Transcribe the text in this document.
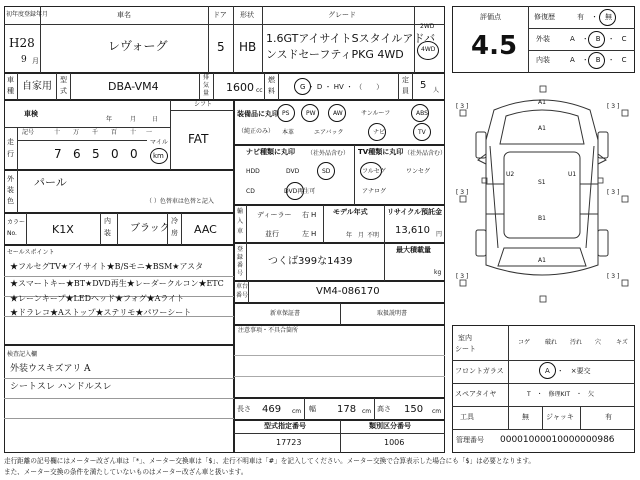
初年度登録年月	車名	ドア 形状	グレード
2WD
4WD
H28
9 月
レヴォーグ	5 HB
1.6GTアイサイトSスタイルアドバ
ンスドセーフティPKG 4WD
車
種 自家用
型
式	DBA-VM4
排
気
量 1600 cc
燃
料	G ・ D ・ HV ・ （　　）
定
員 5 人
評価点
4.5
修復歴	有　・　無
外装	A　・　B　・　C
内装	A　・　B　・　C
車検
年	月	日
シフト
FAT
走
行
記号	十 万 千 百 十 一
7 6 5 0 0
マイル
km
外
装
色
パール
（ ）色替車は色替と記入
カラー
No.	K1X
内
装 ブラック
冷
房 AAC
セールスポイント
★フルセグTV★アイサイト★B/Sモニ★BSM★アスタ
★スマートキー★BT★DVD再生★レーダークルコン★ETC
★レーンキープ★LEDヘッド★フォグ★Aライト
★ドラレコ★Aストップ★ステリモ★パワーシート
検査記入欄
外装ウスキズアリ A
シートスレ ハンドルスレ
装備品に丸印
（純正のみ）
PS	PW	AW	サンルーフ	ABS
本革	エアバック	ナビ	TV
ナビ種類に丸印 （社外品含む） TV種類に丸印 （社外品含む）
HDD	DVD	SD
CD	DVD再生可
フルセグ	ワンセグ
アナログ
輸
入
車
ディーラー
並行
右 H
左 H
モデル年式
年 月 不明
リサイクル預託金
13,610 円
登
録
番
号
つくば399な1439
最大積載量
kg
車台
番号	VM4-086170
新車保証書	取扱説明書
注意事項・不具合箇所
長さ 469 cm 幅 178 cm 高さ 150 cm
型式指定番号	類別区分番号
17723	1006
A1
A1
U2	U1
S1
B1
A1
[ 3 ]	[ 3 ]
[ 3 ]	[ 3 ]
[ 3 ]	[ 3 ]
室内
シート
コゲ 破れ 汚れ 穴 キズ
フロントガラス	A　・　×要交
スペアタイヤ	T　・　修理KIT　・　欠
工具	無 ジャッキ	有
管理番号 00001000010000000986
走行距離の記号欄にはメーター改ざん車は「*」、メーター交換車は「$」、走行不明車は「#」を記入してください。メーター交換で合算表示した場合にも「$」は必要となります。
また、メーター交換の条件を満たしていないものはメーター改ざん車と扱います。
